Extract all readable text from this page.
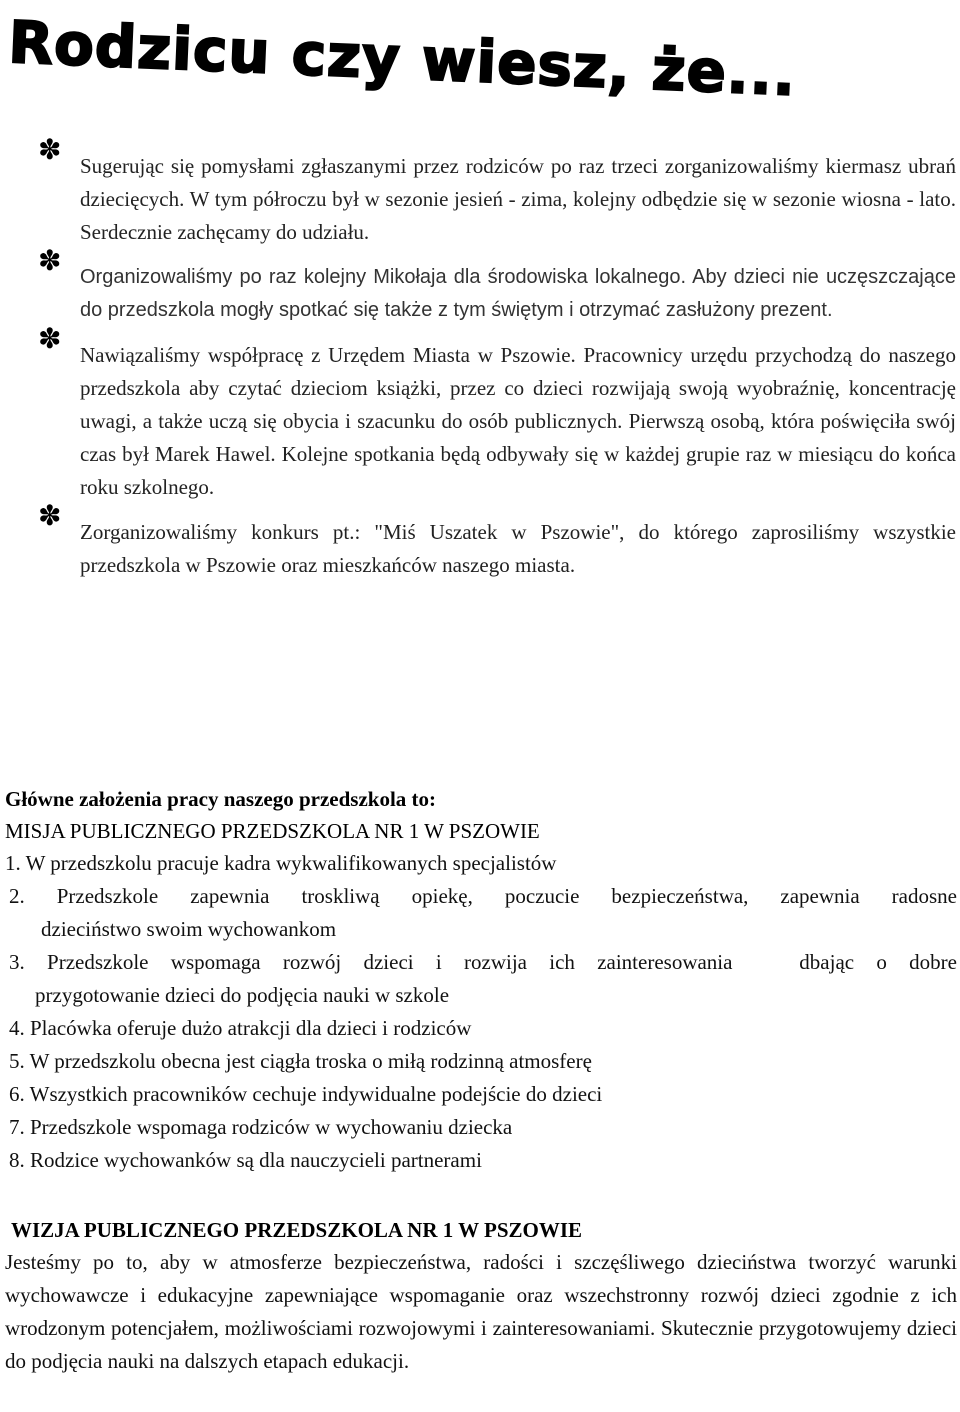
Rodzicu czy wiesz, że...
✽ Sugerując się pomysłami zgłaszanymi przez rodziców po raz trzeci zorganizowaliśmy kiermasz ubrań dziecięcych. W tym półroczu był w sezonie jesień - zima, kolejny odbędzie się w sezonie wiosna - lato. Serdecznie zachęcamy do udziału.
✽ Organizowaliśmy po raz kolejny Mikołaja dla środowiska lokalnego. Aby dzieci nie uczęszczające do przedszkola mogły spotkać się także z tym świętym i otrzymać zasłużony prezent.
✽ Nawiązaliśmy współpracę z Urzędem Miasta w Pszowie. Pracownicy urzędu przychodzą do naszego przedszkola aby czytać dzieciom książki, przez co dzieci rozwijają swoją wyobraźnię, koncentrację uwagi, a także uczą się obycia i szacunku do osób publicznych. Pierwszą osobą, która poświęciła swój czas był Marek Hawel. Kolejne spotkania będą odbywały się w każdej grupie raz w miesiącu do końca roku szkolnego.
✽ Zorganizowaliśmy konkurs pt.: "Miś Uszatek w Pszowie", do którego zaprosiliśmy wszystkie przedszkola w Pszowie oraz mieszkańców naszego miasta.
Główne założenia pracy naszego przedszkola to:
MISJA PUBLICZNEGO PRZEDSZKOLA NR 1 W PSZOWIE
1. W przedszkolu pracuje kadra wykwalifikowanych specjalistów
2. Przedszkole zapewnia troskliwą opiekę, poczucie bezpieczeństwa, zapewnia radosne
dzieciństwo swoim wychowankom
3. Przedszkole wspomaga rozwój dzieci i rozwija ich zainteresowania   dbając o dobre
przygotowanie dzieci do podjęcia nauki w szkole
4. Placówka oferuje dużo atrakcji dla dzieci i rodziców
5. W przedszkolu obecna jest ciągła troska o miłą rodzinną atmosferę
6. Wszystkich pracowników cechuje indywidualne podejście do dzieci
7. Przedszkole wspomaga rodziców w wychowaniu dziecka
8. Rodzice wychowanków są dla nauczycieli partnerami
WIZJA PUBLICZNEGO PRZEDSZKOLA NR 1 W PSZOWIE
Jesteśmy po to, aby w atmosferze bezpieczeństwa, radości i szczęśliwego dzieciństwa tworzyć warunki wychowawcze i edukacyjne zapewniające wspomaganie oraz wszechstronny rozwój dzieci zgodnie z ich wrodzonym potencjałem, możliwościami rozwojowymi i zainteresowaniami. Skutecznie przygotowujemy dzieci do podjęcia nauki na dalszych etapach edukacji.
